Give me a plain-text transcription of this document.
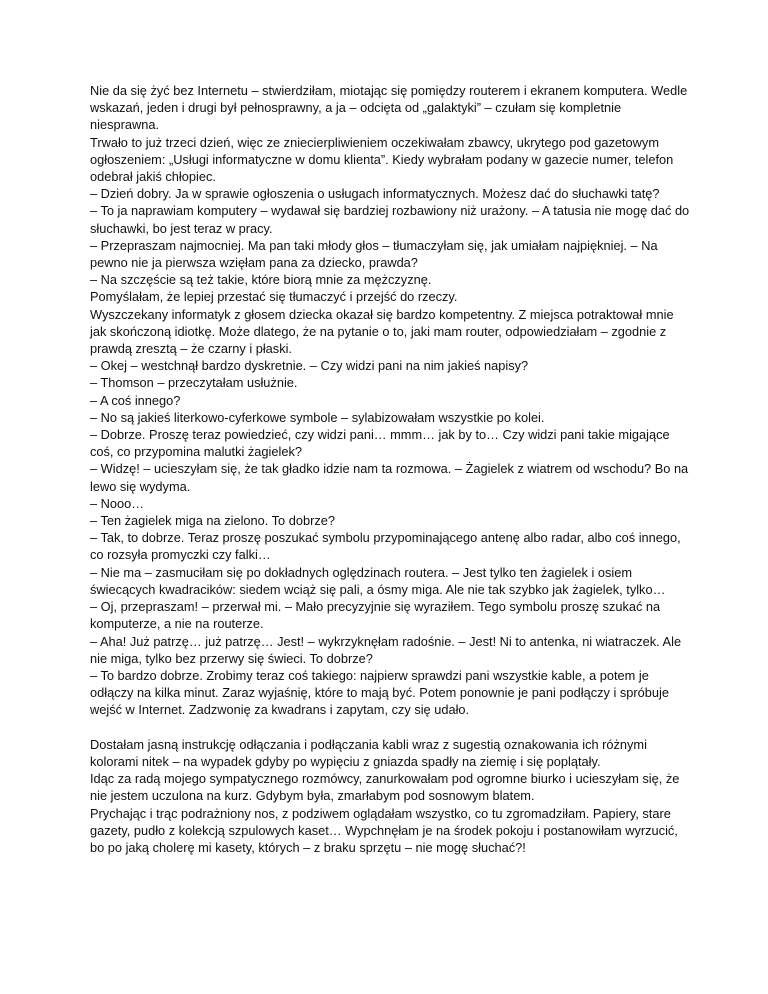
Nie da się żyć bez Internetu – stwierdziłam, miotając się pomiędzy routerem i ekranem komputera. Wedle wskazań, jeden i drugi był pełnosprawny, a ja – odcięta od „galaktyki” – czułam się kompletnie niesprawna.

Trwało to już trzeci dzień, więc ze zniecierpliwieniem oczekiwałam zbawcy, ukrytego pod gazetowym ogłoszeniem: „Usługi informatyczne w domu klienta”. Kiedy wybrałam podany w gazecie numer, telefon odebrał jakiś chłopiec.

– Dzień dobry. Ja w sprawie ogłoszenia o usługach informatycznych. Możesz dać do słuchawki tatę?

– To ja naprawiam komputery – wydawał się bardziej rozbawiony niż urażony. – A tatusia nie mogę dać do słuchawki, bo jest teraz w pracy.

– Przepraszam najmocniej. Ma pan taki młody głos – tłumaczyłam się, jak umiałam najpiękniej. – Na pewno nie ja pierwsza wzięłam pana za dziecko, prawda?

– Na szczęście są też takie, które biorą mnie za mężczyznę.

Pomyślałam, że lepiej przestać się tłumaczyć i przejść do rzeczy.

Wyszczekany informatyk z głosem dziecka okazał się bardzo kompetentny. Z miejsca potraktował mnie jak skończoną idiotkę. Może dlatego, że na pytanie o to, jaki mam router, odpowiedziałam – zgodnie z prawdą zresztą – że czarny i płaski.

– Okej – westchnął bardzo dyskretnie. – Czy widzi pani na nim jakieś napisy?

– Thomson – przeczytałam usłużnie.

– A coś innego?

– No są jakieś literkowo-cyferkowe symbole – sylabizowałam wszystkie po kolei.

– Dobrze. Proszę teraz powiedzieć, czy widzi pani… mmm… jak by to… Czy widzi pani takie migające coś, co przypomina malutki żagielek?

– Widzę! – ucieszyłam się, że tak gładko idzie nam ta rozmowa. – Żagielek z wiatrem od wschodu? Bo na lewo się wydyma.

– Nooo…

– Ten żagielek miga na zielono. To dobrze?

– Tak, to dobrze. Teraz proszę poszukać symbolu przypominającego antenę albo radar, albo coś innego, co rozsyła promyczki czy falki…

– Nie ma – zasmuciłam się po dokładnych oględzinach routera. – Jest tylko ten żagielek i osiem świecących kwadracików: siedem wciąż się pali, a ósmy miga. Ale nie tak szybko jak żagielek, tylko…

– Oj, przepraszam! – przerwał mi. – Mało precyzyjnie się wyraziłem. Tego symbolu proszę szukać na komputerze, a nie na routerze.

– Aha! Już patrzę… już patrzę… Jest! – wykrzyknęłam radośnie. – Jest! Ni to antenka, ni wiatraczek. Ale nie miga, tylko bez przerwy się świeci. To dobrze?

– To bardzo dobrze. Zrobimy teraz coś takiego: najpierw sprawdzi pani wszystkie kable, a potem je odłączy na kilka minut. Zaraz wyjaśnię, które to mają być. Potem ponownie je pani podłączy i spróbuje wejść w Internet. Zadzwonię za kwadrans i zapytam, czy się udało.

Dostałam jasną instrukcję odłączania i podłączania kabli wraz z sugestią oznakowania ich różnymi kolorami nitek – na wypadek gdyby po wypięciu z gniazda spadły na ziemię i się poplątały.

Idąc za radą mojego sympatycznego rozmówcy, zanurkowałam pod ogromne biurko i ucieszyłam się, że nie jestem uczulona na kurz. Gdybym była, zmarłabym pod sosnowym blatem.

Prychając i trąc podrażniony nos, z podziwem oglądałam wszystko, co tu zgromadziłam. Papiery, stare gazety, pudło z kolekcją szpulowych kaset… Wypchnęłam je na środek pokoju i postanowiłam wyrzucić, bo po jaką cholerę mi kasety, których – z braku sprzętu – nie mogę słuchać?!
